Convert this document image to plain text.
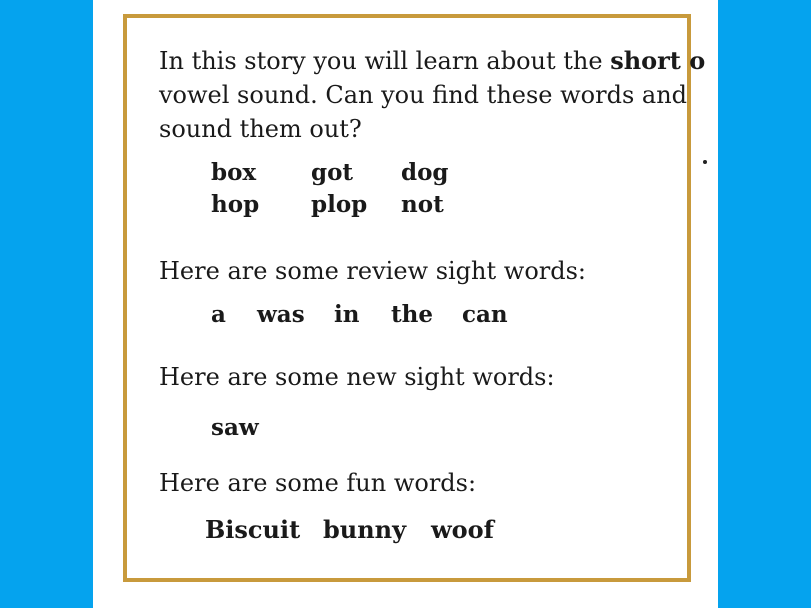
In this story you will learn about the short o
vowel sound. Can you find these words and
sound them out?
box got dog
hop plop not
Here are some review sight words:
a was in the can
Here are some new sight words:
saw
Here are some fun words:
Biscuit bunny woof
